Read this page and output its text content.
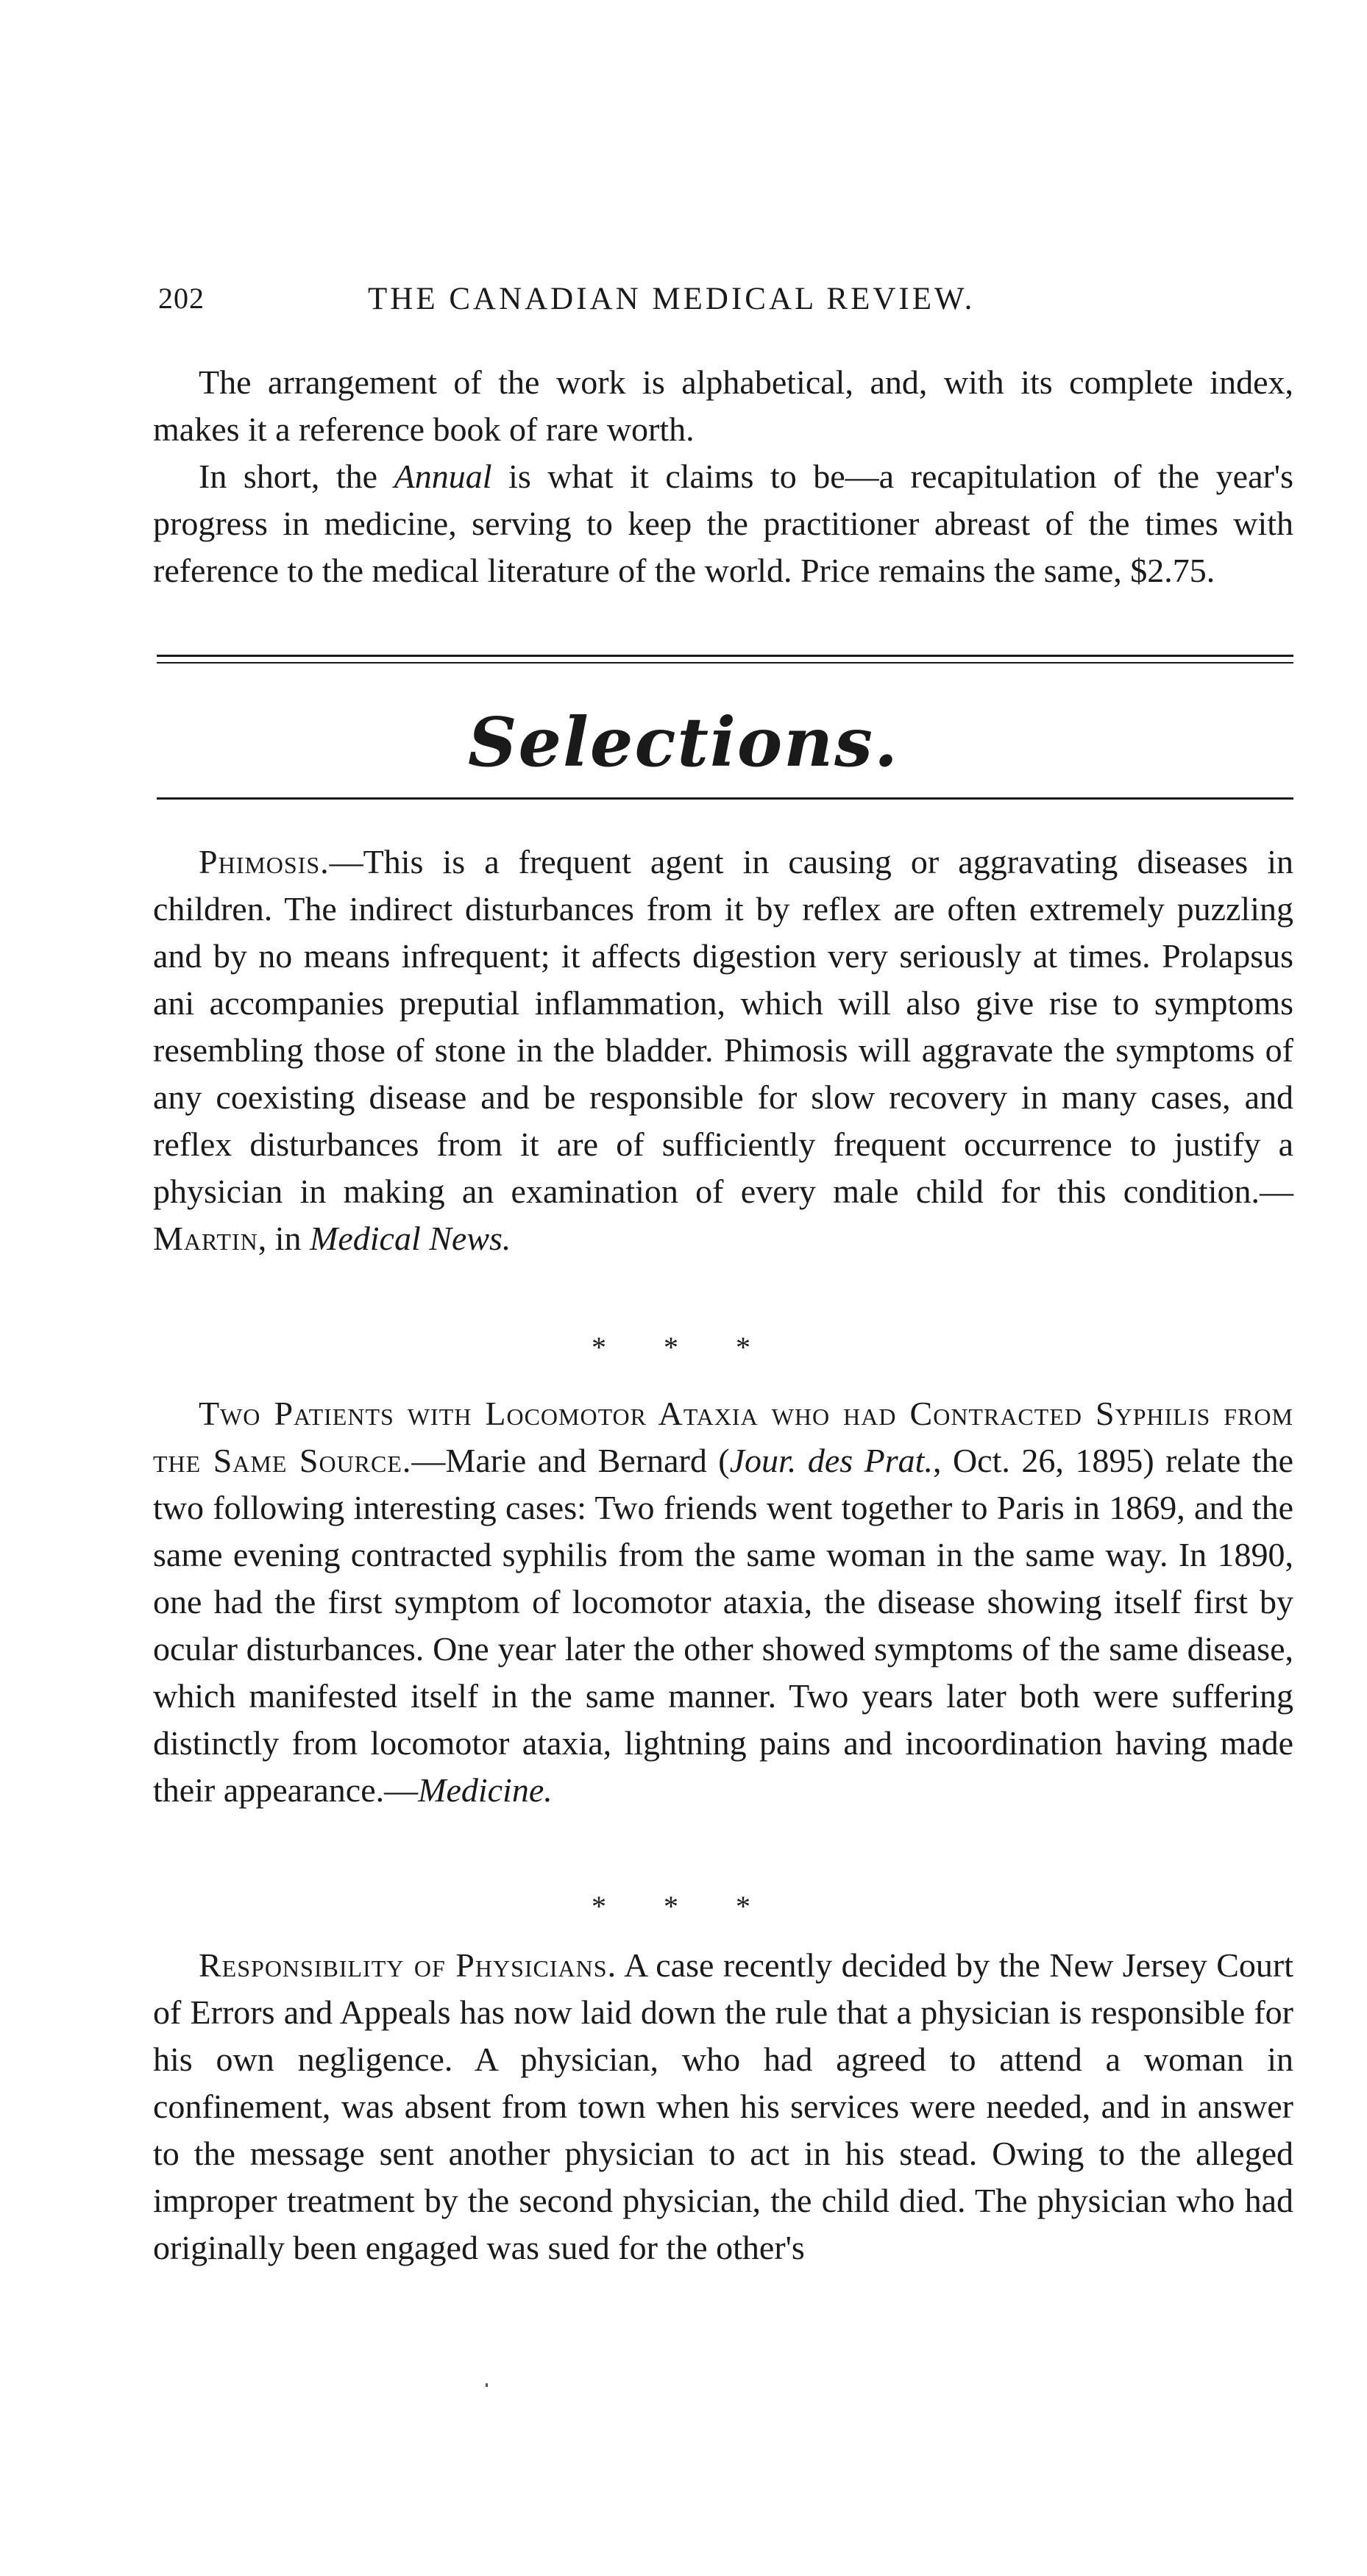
202	THE CANADIAN MEDICAL REVIEW.

The arrangement of the work is alphabetical, and, with its complete index, makes it a reference book of rare worth.

In short, the Annual is what it claims to be—a recapitulation of the year's progress in medicine, serving to keep the practitioner abreast of the times with reference to the medical literature of the world. Price remains the same, $2.75.

Selections.

Phimosis.—This is a frequent agent in causing or aggravating diseases in children. The indirect disturbances from it by reflex are often extremely puzzling and by no means infrequent; it affects digestion very seriously at times. Prolapsus ani accompanies preputial inflammation, which will also give rise to symptoms resembling those of stone in the bladder. Phimosis will aggravate the symptoms of any coexisting disease and be responsible for slow recovery in many cases, and reflex disturbances from it are of sufficiently frequent occurrence to justify a physician in making an examination of every male child for this condition.—Martin, in Medical News.

* * *

Two Patients with Locomotor Ataxia who had Contracted Syphilis from the Same Source.—Marie and Bernard (Jour. des Prat., Oct. 26, 1895) relate the two following interesting cases: Two friends went together to Paris in 1869, and the same evening contracted syphilis from the same woman in the same way. In 1890, one had the first symptom of locomotor ataxia, the disease showing itself first by ocular disturbances. One year later the other showed symptoms of the same disease, which manifested itself in the same manner. Two years later both were suffering distinctly from locomotor ataxia, lightning pains and incoordination having made their appearance.—Medicine.

* * *

Responsibility of Physicians. A case recently decided by the New Jersey Court of Errors and Appeals has now laid down the rule that a physician is responsible for his own negligence. A physician, who had agreed to attend a woman in confinement, was absent from town when his services were needed, and in answer to the message sent another physician to act in his stead. Owing to the alleged improper treatment by the second physician, the child died. The physician who had originally been engaged was sued for the other's
